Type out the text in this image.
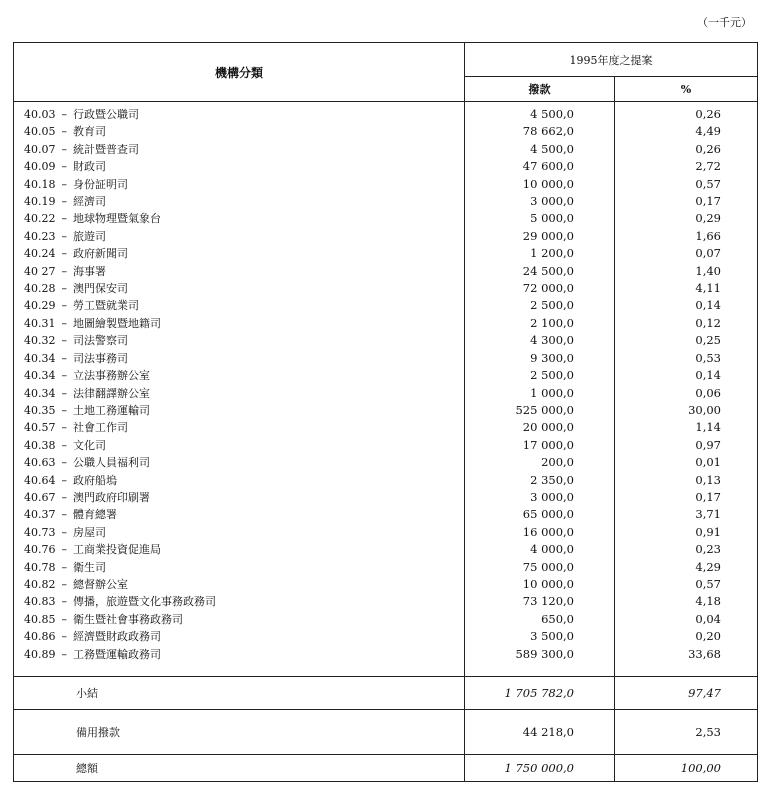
（一千元）
機構分類	1995年度之提案	
	撥款	%
40.03 – 行政暨公職司	4 500,0	0,26
40.05 – 教育司	78 662,0	4,49
40.07 – 統計暨普查司	4 500,0	0,26
40.09 – 財政司	47 600,0	2,72
40.18 – 身份証明司	10 000,0	0,57
40.19 – 經濟司	3 000,0	0,17
40.22 – 地球物理暨氣象台	5 000,0	0,29
40.23 – 旅遊司	29 000,0	1,66
40.24 – 政府新聞司	1 200,0	0,07
40 27 – 海事署	24 500,0	1,40
40.28 – 澳門保安司	72 000,0	4,11
40.29 – 勞工暨就業司	2 500,0	0,14
40.31 – 地圖繪製暨地籍司	2 100,0	0,12
40.32 – 司法警察司	4 300,0	0,25
40.34 – 司法事務司	9 300,0	0,53
40.34 – 立法事務辦公室	2 500,0	0,14
40.34 – 法律翻譯辦公室	1 000,0	0,06
40.35 – 土地工務運輸司	525 000,0	30,00
40.57 – 社會工作司	20 000,0	1,14
40.38 – 文化司	17 000,0	0,97
40.63 – 公職人員福利司	200,0	0,01
40.64 – 政府船塢	2 350,0	0,13
40.67 – 澳門政府印刷署	3 000,0	0,17
40.37 – 體育總署	65 000,0	3,71
40.73 – 房屋司	16 000,0	0,91
40.76 – 工商業投資促進局	4 000,0	0,23
40.78 – 衛生司	75 000,0	4,29
40.82 – 總督辦公室	10 000,0	0,57
40.83 – 傳播，旅遊暨文化事務政務司	73 120,0	4,18
40.85 – 衛生暨社會事務政務司	650,0	0,04
40.86 – 經濟暨財政政務司	3 500,0	0,20
40.89 – 工務暨運輸政務司	589 300,0	33,68

小結	1 705 782,0	97,47
備用撥款	44 218,0	2,53
總額	1 750 000,0	100,00
